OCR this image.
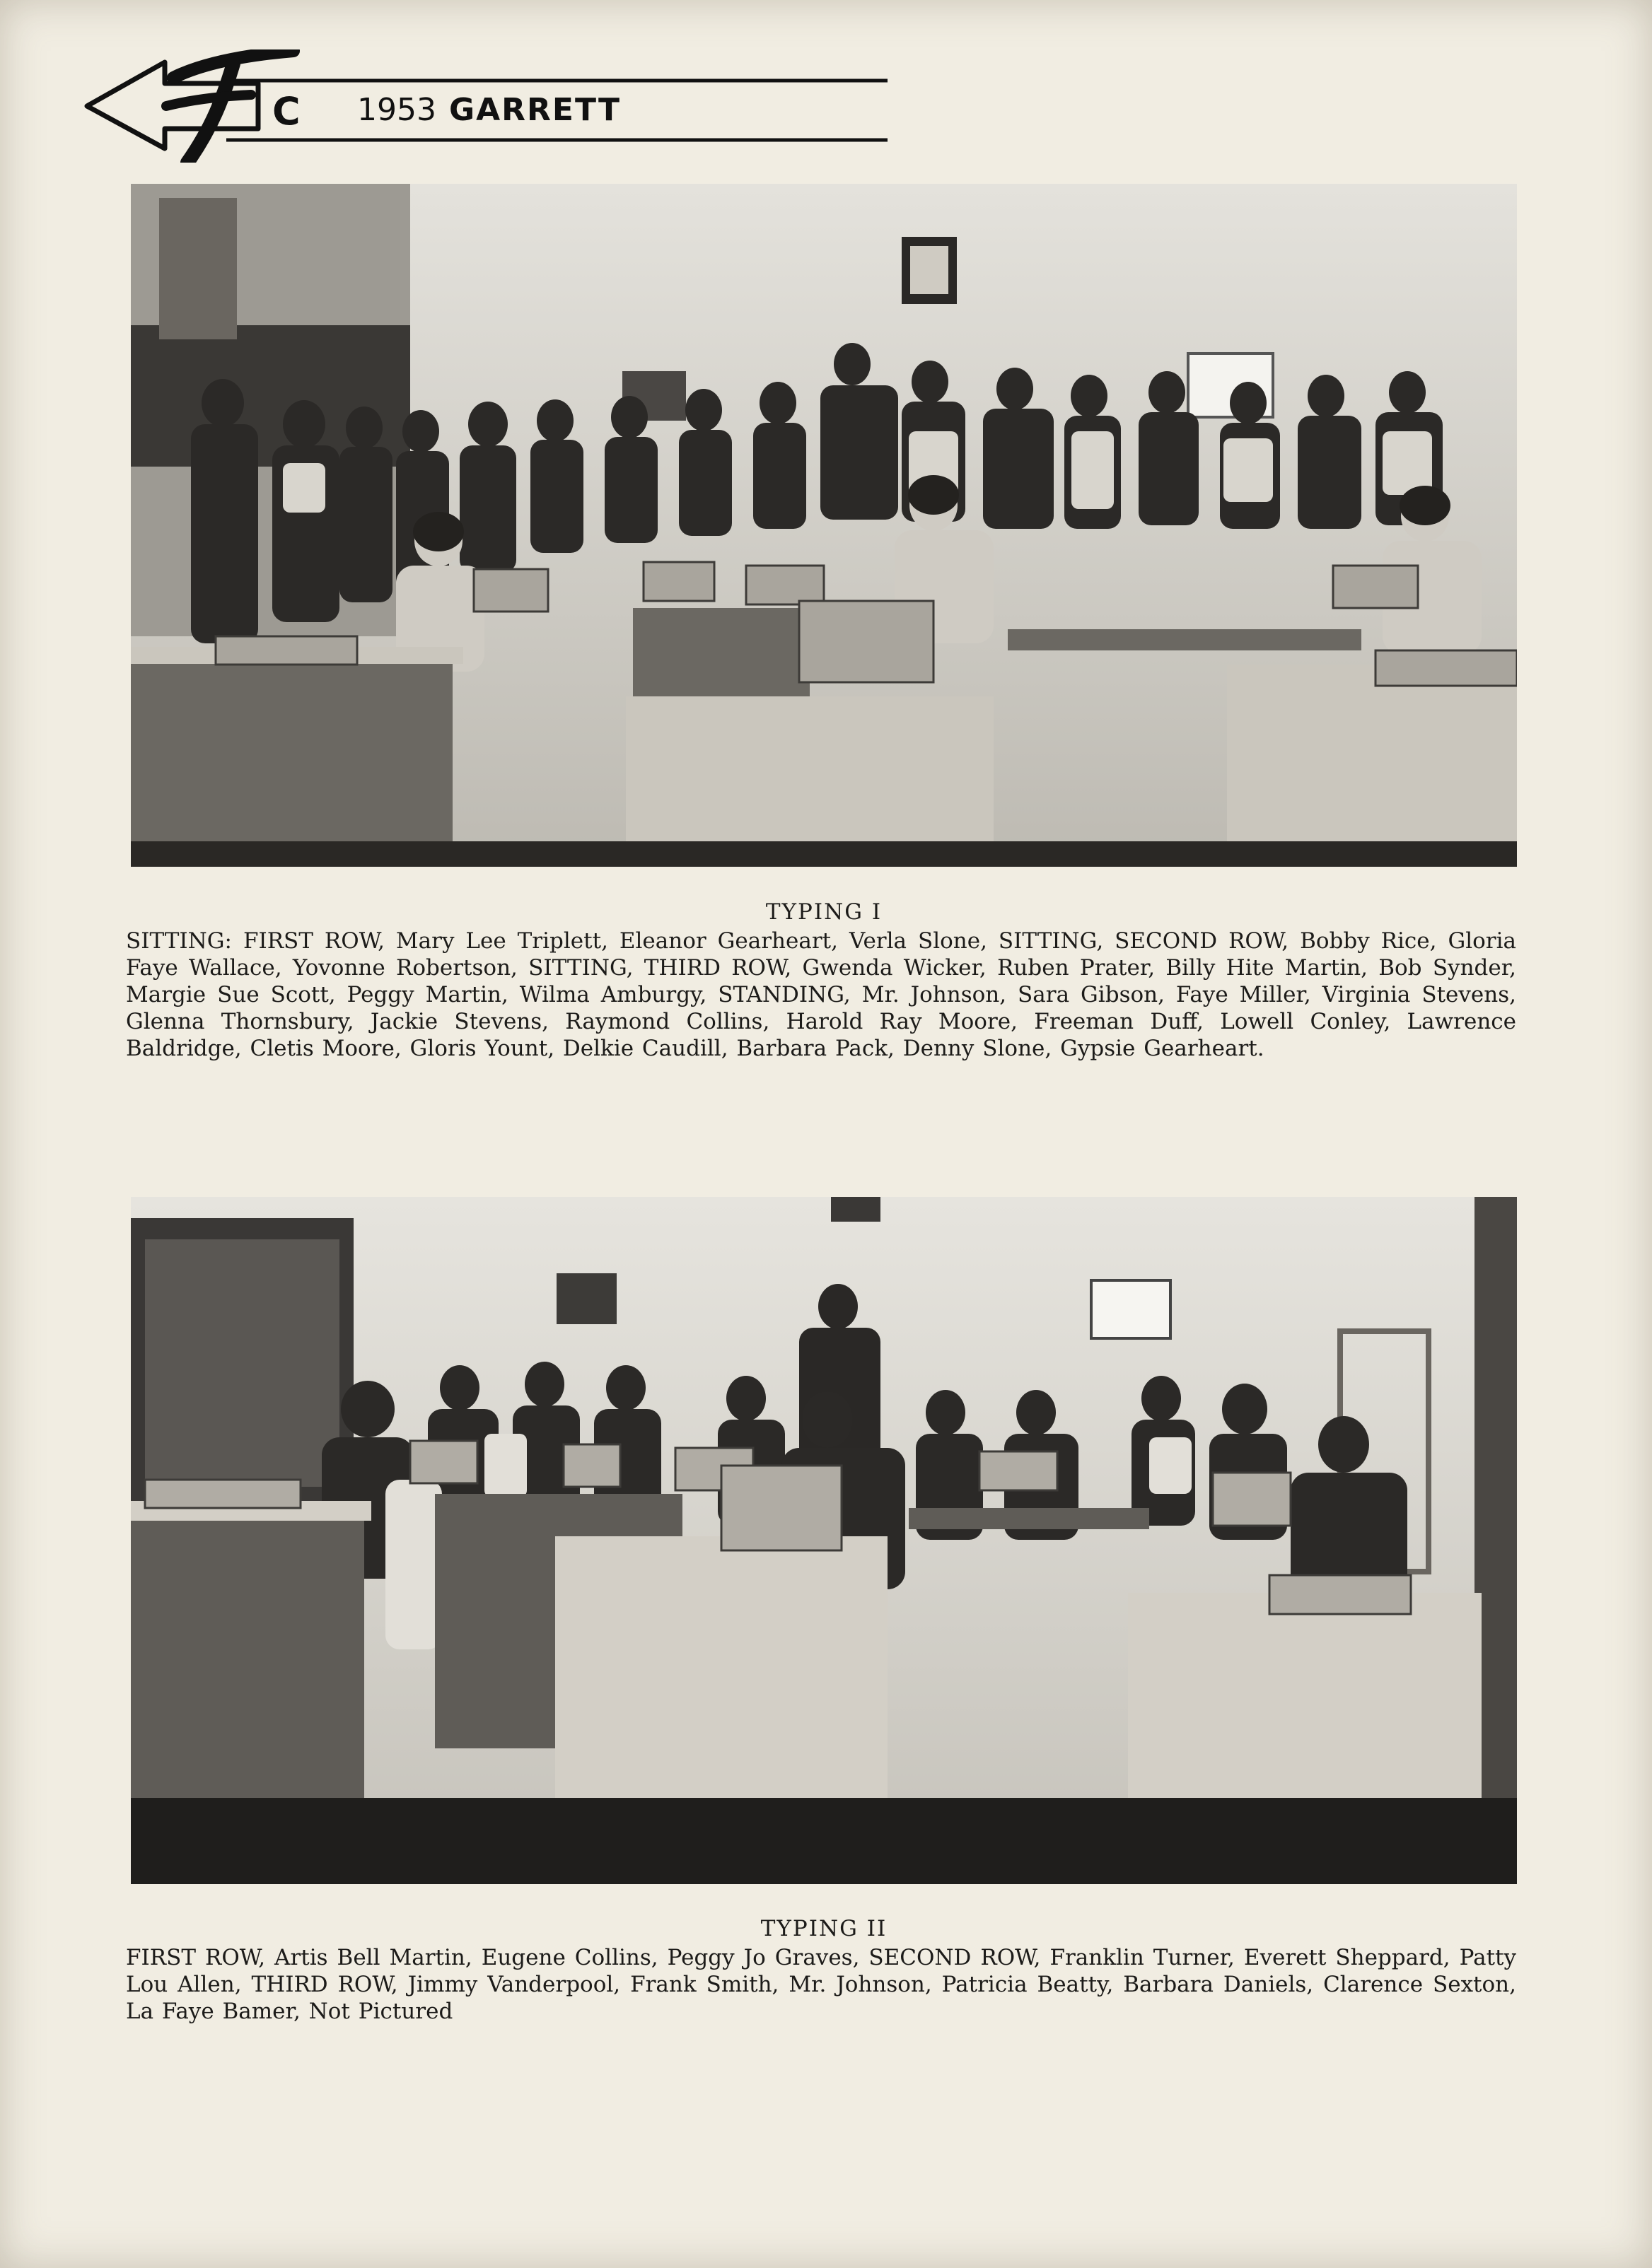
C 1953 GARRETT
TYPING I
SITTING: FIRST ROW, Mary Lee Triplett, Eleanor Gearheart, Verla Slone, SITTING, SECOND ROW, Bobby Rice, Gloria Faye Wallace, Yovonne Robertson, SITTING, THIRD ROW, Gwenda Wicker, Ruben Prater, Billy Hite Martin, Bob Synder, Margie Sue Scott, Peggy Martin, Wilma Amburgy, STANDING, Mr. Johnson, Sara Gibson, Faye Miller, Virginia Stevens, Glenna Thornsbury, Jackie Stevens, Raymond Collins, Harold Ray Moore, Freeman Duff, Lowell Conley, Lawrence Baldridge, Cletis Moore, Gloris Yount, Delkie Caudill, Barbara Pack, Denny Slone, Gypsie Gearheart.
TYPING II
FIRST ROW, Artis Bell Martin, Eugene Collins, Peggy Jo Graves, SECOND ROW, Franklin Turner, Everett Sheppard, Patty Lou Allen, THIRD ROW, Jimmy Vanderpool, Frank Smith, Mr. Johnson, Patricia Beatty, Barbara Daniels, Clarence Sexton, La Faye Bamer, Not Pictured
